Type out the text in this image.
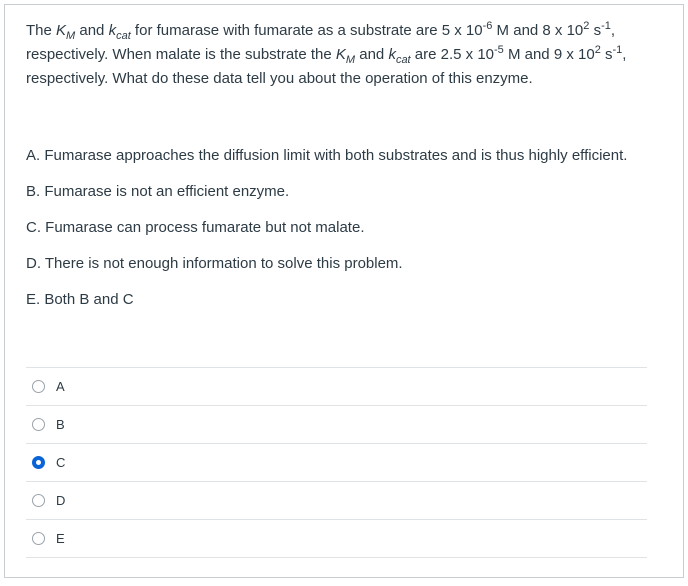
The $K_M$ and $k_{cat}$ for fumarase with fumarate as a substrate are 5 x $10^{-6}$ M and 8 x $10^2$ $s^{-1}$, respectively. When malate is the substrate the $K_M$ and $k_{cat}$ are 2.5 x $10^{-5}$ M and 9 x $10^2$ $s^{-1}$, respectively. What do these data tell you about the operation of this enzyme.

A. Fumarase approaches the diffusion limit with both substrates and is thus highly efficient.

B. Fumarase is not an efficient enzyme.

C. Fumarase can process fumarate but not malate.

D. There is not enough information to solve this problem.

E. Both B and C

A
B
C
D
E
